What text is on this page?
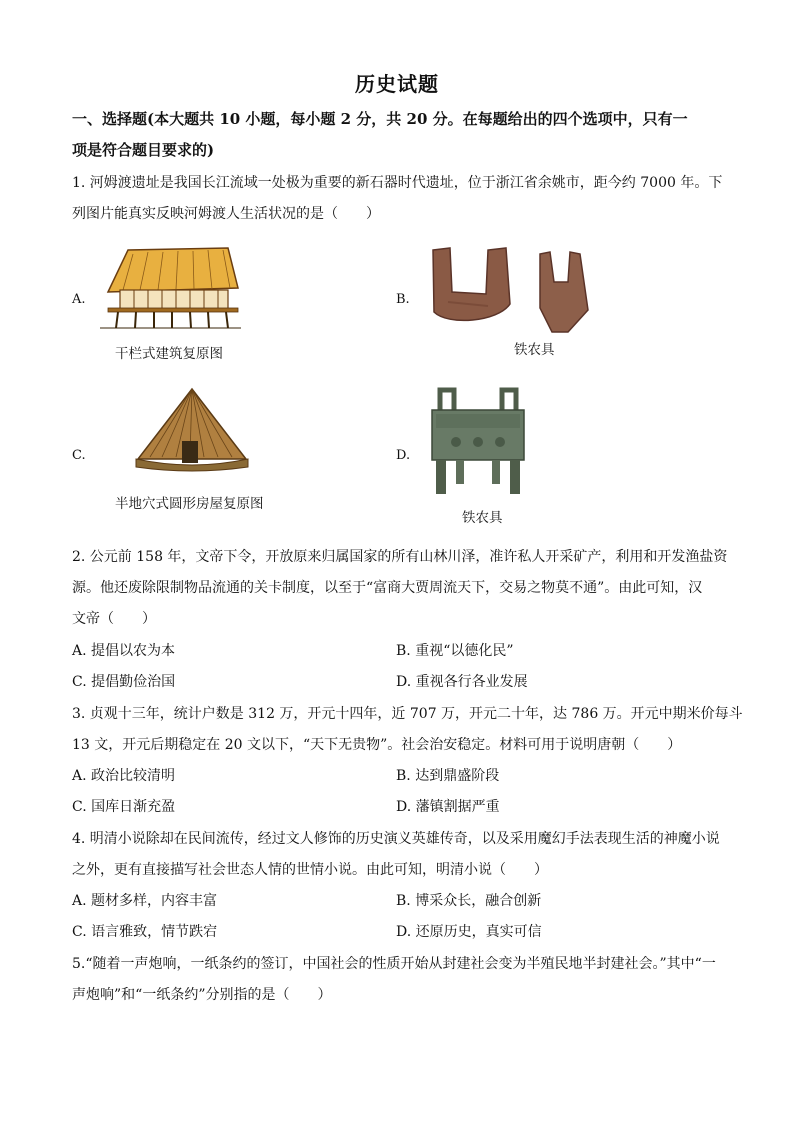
历史试题
一、选择题(本大题共 10 小题，每小题 2 分，共 20 分。在每题给出的四个选项中，只有一
项是符合题目要求的)
1. 河姆渡遗址是我国长江流域一处极为重要的新石器时代遗址，位于浙江省余姚市，距今约 7000 年。下
列图片能真实反映河姆渡人生活状况的是（　　）
A.
干栏式建筑复原图
B.
铁农具
C.
半地穴式圆形房屋复原图
D.
铁农具
2. 公元前 158 年，文帝下令，开放原来归属国家的所有山林川泽，准许私人开采矿产，利用和开发渔盐资
源。他还废除限制物品流通的关卡制度，以至于“富商大贾周流天下，交易之物莫不通”。由此可知，汉
文帝（　　）
A. 提倡以农为本	B. 重视“以德化民”
C. 提倡勤俭治国	D. 重视各行各业发展
3. 贞观十三年，统计户数是 312 万，开元十四年，近 707 万，开元二十年，达 786 万。开元中期米价每斗
13 文，开元后期稳定在 20 文以下，“天下无贵物”。社会治安稳定。材料可用于说明唐朝（　　）
A. 政治比较清明	B. 达到鼎盛阶段
C. 国库日渐充盈	D. 藩镇割据严重
4. 明清小说除却在民间流传，经过文人修饰的历史演义英雄传奇，以及采用魔幻手法表现生活的神魔小说
之外，更有直接描写社会世态人情的世情小说。由此可知，明清小说（　　）
A. 题材多样，内容丰富	B. 博采众长，融合创新
C. 语言雅致，情节跌宕	D. 还原历史，真实可信
5.“随着一声炮响，一纸条约的签订，中国社会的性质开始从封建社会变为半殖民地半封建社会。”其中“一
声炮响”和“一纸条约”分别指的是（　　）
